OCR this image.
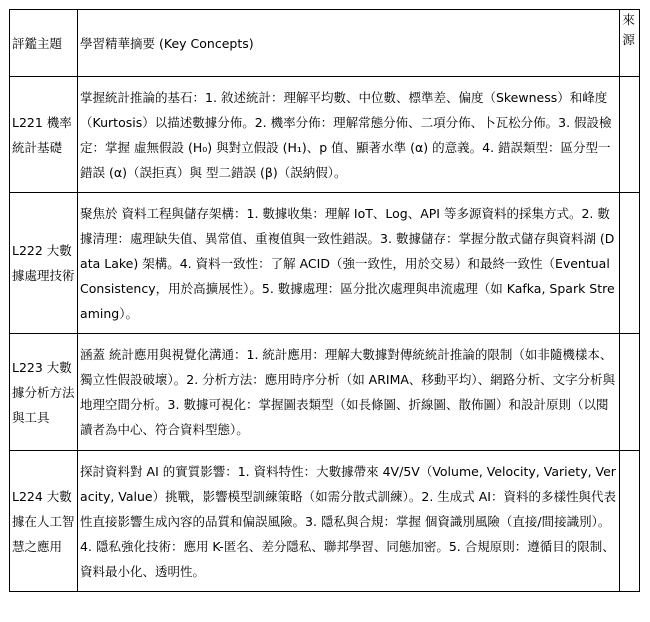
評鑑主題	學習精華摘要 (Key Concepts)	來源
L221 機率統計基礎	掌握統計推論的基石：1. 敘述統計：理解平均數、中位數、標準差、偏度（Skewness）和峰度（Kurtosis）以描述數據分佈。2. 機率分佈：理解常態分佈、二項分佈、卜瓦松分佈。3. 假設檢定：掌握 虛無假設 (H₀) 與對立假設 (H₁)、p 值、顯著水準 (α) 的意義。4. 錯誤類型：區分型一錯誤 (α)（誤拒真）與 型二錯誤 (β)（誤納假）。	
L222 大數據處理技術	聚焦於 資料工程與儲存架構：1. 數據收集：理解 IoT、Log、API 等多源資料的採集方式。2. 數據清理：處理缺失值、異常值、重複值與一致性錯誤。3. 數據儲存：掌握分散式儲存與資料湖 (Data Lake) 架構。4. 資料一致性：了解 ACID（強一致性，用於交易）和最終一致性（Eventual Consistency，用於高擴展性）。5. 數據處理：區分批次處理與串流處理（如 Kafka, Spark Streaming）。	
L223 大數據分析方法與工具	涵蓋 統計應用與視覺化溝通：1. 統計應用：理解大數據對傳統統計推論的限制（如非隨機樣本、獨立性假設破壞）。2. 分析方法：應用時序分析（如 ARIMA、移動平均）、網路分析、文字分析與地理空間分析。3. 數據可視化：掌握圖表類型（如長條圖、折線圖、散佈圖）和設計原則（以閱讀者為中心、符合資料型態）。	
L224 大數據在人工智慧之應用	探討資料對 AI 的實質影響：1. 資料特性：大數據帶來 4V/5V（Volume, Velocity, Variety, Veracity, Value）挑戰，影響模型訓練策略（如需分散式訓練）。2. 生成式 AI：資料的多樣性與代表性直接影響生成內容的品質和偏誤風險。3. 隱私與合規：掌握 個資識別風險（直接/間接識別）。4. 隱私強化技術：應用 K-匿名、差分隱私、聯邦學習、同態加密。5. 合規原則：遵循目的限制、資料最小化、透明性。	
